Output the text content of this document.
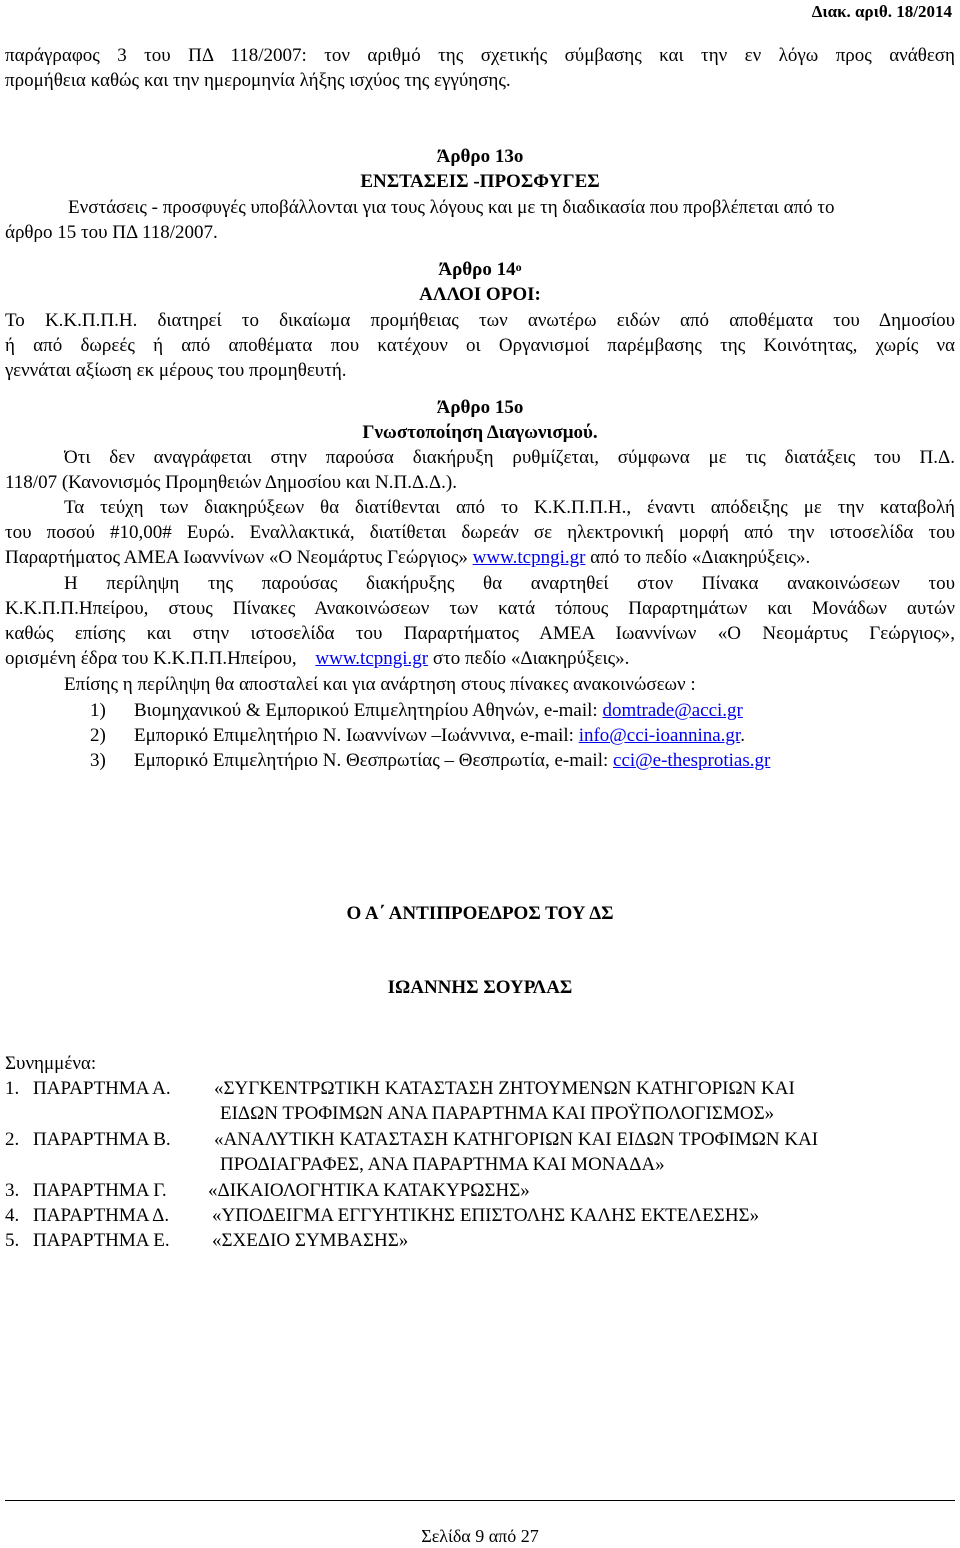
Διακ. αριθ. 18/2014
παράγραφος 3 του ΠΔ 118/2007: τον αριθμό της σχετικής σύμβασης και την εν λόγω προς ανάθεση
προμήθεια καθώς και την ημερομηνία λήξης ισχύος της εγγύησης.
Άρθρο 13ο
ΕΝΣΤΑΣΕΙΣ -ΠΡΟΣΦΥΓΕΣ
Ενστάσεις - προσφυγές υποβάλλονται για τους λόγους και με τη διαδικασία που προβλέπεται από το
άρθρο 15 του ΠΔ 118/2007.
Άρθρο $14^o$
ΑΛΛΟΙ ΟΡΟΙ:
Το Κ.Κ.Π.Π.Η. διατηρεί το δικαίωμα προμήθειας των ανωτέρω ειδών από αποθέματα του Δημοσίου
ή από δωρεές ή από αποθέματα που κατέχουν οι Οργανισμοί παρέμβασης της Κοινότητας, χωρίς να
γεννάται αξίωση εκ μέρους του προμηθευτή.
Άρθρο 15ο
Γνωστοποίηση Διαγωνισμού.
Ότι δεν αναγράφεται στην παρούσα διακήρυξη ρυθμίζεται, σύμφωνα με τις διατάξεις του Π.Δ.
118/07 (Κανονισμός Προμηθειών Δημοσίου και Ν.Π.Δ.Δ.).
Τα τεύχη των διακηρύξεων θα διατίθενται από το Κ.Κ.Π.Π.Η., έναντι απόδειξης με την καταβολή
του ποσού #10,00# Ευρώ. Εναλλακτικά, διατίθεται δωρεάν σε ηλεκτρονική μορφή από την ιστοσελίδα του
Παραρτήματος ΑΜΕΑ Ιωαννίνων «Ο Νεομάρτυς Γεώργιος» www.tcpngi.gr από το πεδίο «Διακηρύξεις».
Η περίληψη της παρούσας διακήρυξης θα αναρτηθεί στον Πίνακα ανακοινώσεων του
Κ.Κ.Π.Π.Ηπείρου, στους Πίνακες Ανακοινώσεων των κατά τόπους Παραρτημάτων και Μονάδων αυτών
καθώς επίσης και στην ιστοσελίδα του Παραρτήματος ΑΜΕΑ Ιωαννίνων «Ο Νεομάρτυς Γεώργιος»,
ορισμένη έδρα του Κ.Κ.Π.Π.Ηπείρου, www.tcpngi.gr στο πεδίο «Διακηρύξεις».
Επίσης η περίληψη θα αποσταλεί και για ανάρτηση στους πίνακες ανακοινώσεων :
1) Βιομηχανικού & Εμπορικού Επιμελητηρίου Αθηνών, e-mail: domtrade@acci.gr
2) Εμπορικό Επιμελητήριο Ν. Ιωαννίνων –Ιωάννινα, e-mail: info@cci-ioannina.gr.
3) Εμπορικό Επιμελητήριο Ν. Θεσπρωτίας – Θεσπρωτία, e-mail: cci@e-thesprotias.gr
Ο Α΄ ΑΝΤΙΠΡΟΕΔΡΟΣ ΤΟΥ ΔΣ
ΙΩΑΝΝΗΣ ΣΟΥΡΛΑΣ
Συνημμένα:
1. ΠΑΡΑΡΤΗΜΑ Α. «ΣΥΓΚΕΝΤΡΩΤΙΚΗ ΚΑΤΑΣΤΑΣΗ ΖΗΤΟΥΜΕΝΩΝ ΚΑΤΗΓΟΡΙΩΝ ΚΑΙ
ΕΙΔΩΝ ΤΡΟΦΙΜΩΝ ΑΝΑ ΠΑΡΑΡΤΗΜΑ ΚΑΙ ΠΡΟΫΠΟΛΟΓΙΣΜΟΣ»
2. ΠΑΡΑΡΤΗΜΑ Β. «ΑΝΑΛΥΤΙΚΗ ΚΑΤΑΣΤΑΣΗ ΚΑΤΗΓΟΡΙΩΝ ΚΑΙ ΕΙΔΩΝ ΤΡΟΦΙΜΩΝ ΚΑΙ
ΠΡΟΔΙΑΓΡΑΦΕΣ, ΑΝΑ ΠΑΡΑΡΤΗΜΑ ΚΑΙ ΜΟΝΑΔΑ»
3. ΠΑΡΑΡΤΗΜΑ Γ. «ΔΙΚΑΙΟΛΟΓΗΤΙΚΑ ΚΑΤΑΚΥΡΩΣΗΣ»
4. ΠΑΡΑΡΤΗΜΑ Δ. «ΥΠΟΔΕΙΓΜΑ ΕΓΓΥΗΤΙΚΗΣ ΕΠΙΣΤΟΛΗΣ ΚΑΛΗΣ ΕΚΤΕΛΕΣΗΣ»
5. ΠΑΡΑΡΤΗΜΑ Ε. «ΣΧΕΔΙΟ ΣΥΜΒΑΣΗΣ»
Σελίδα 9 από 27
